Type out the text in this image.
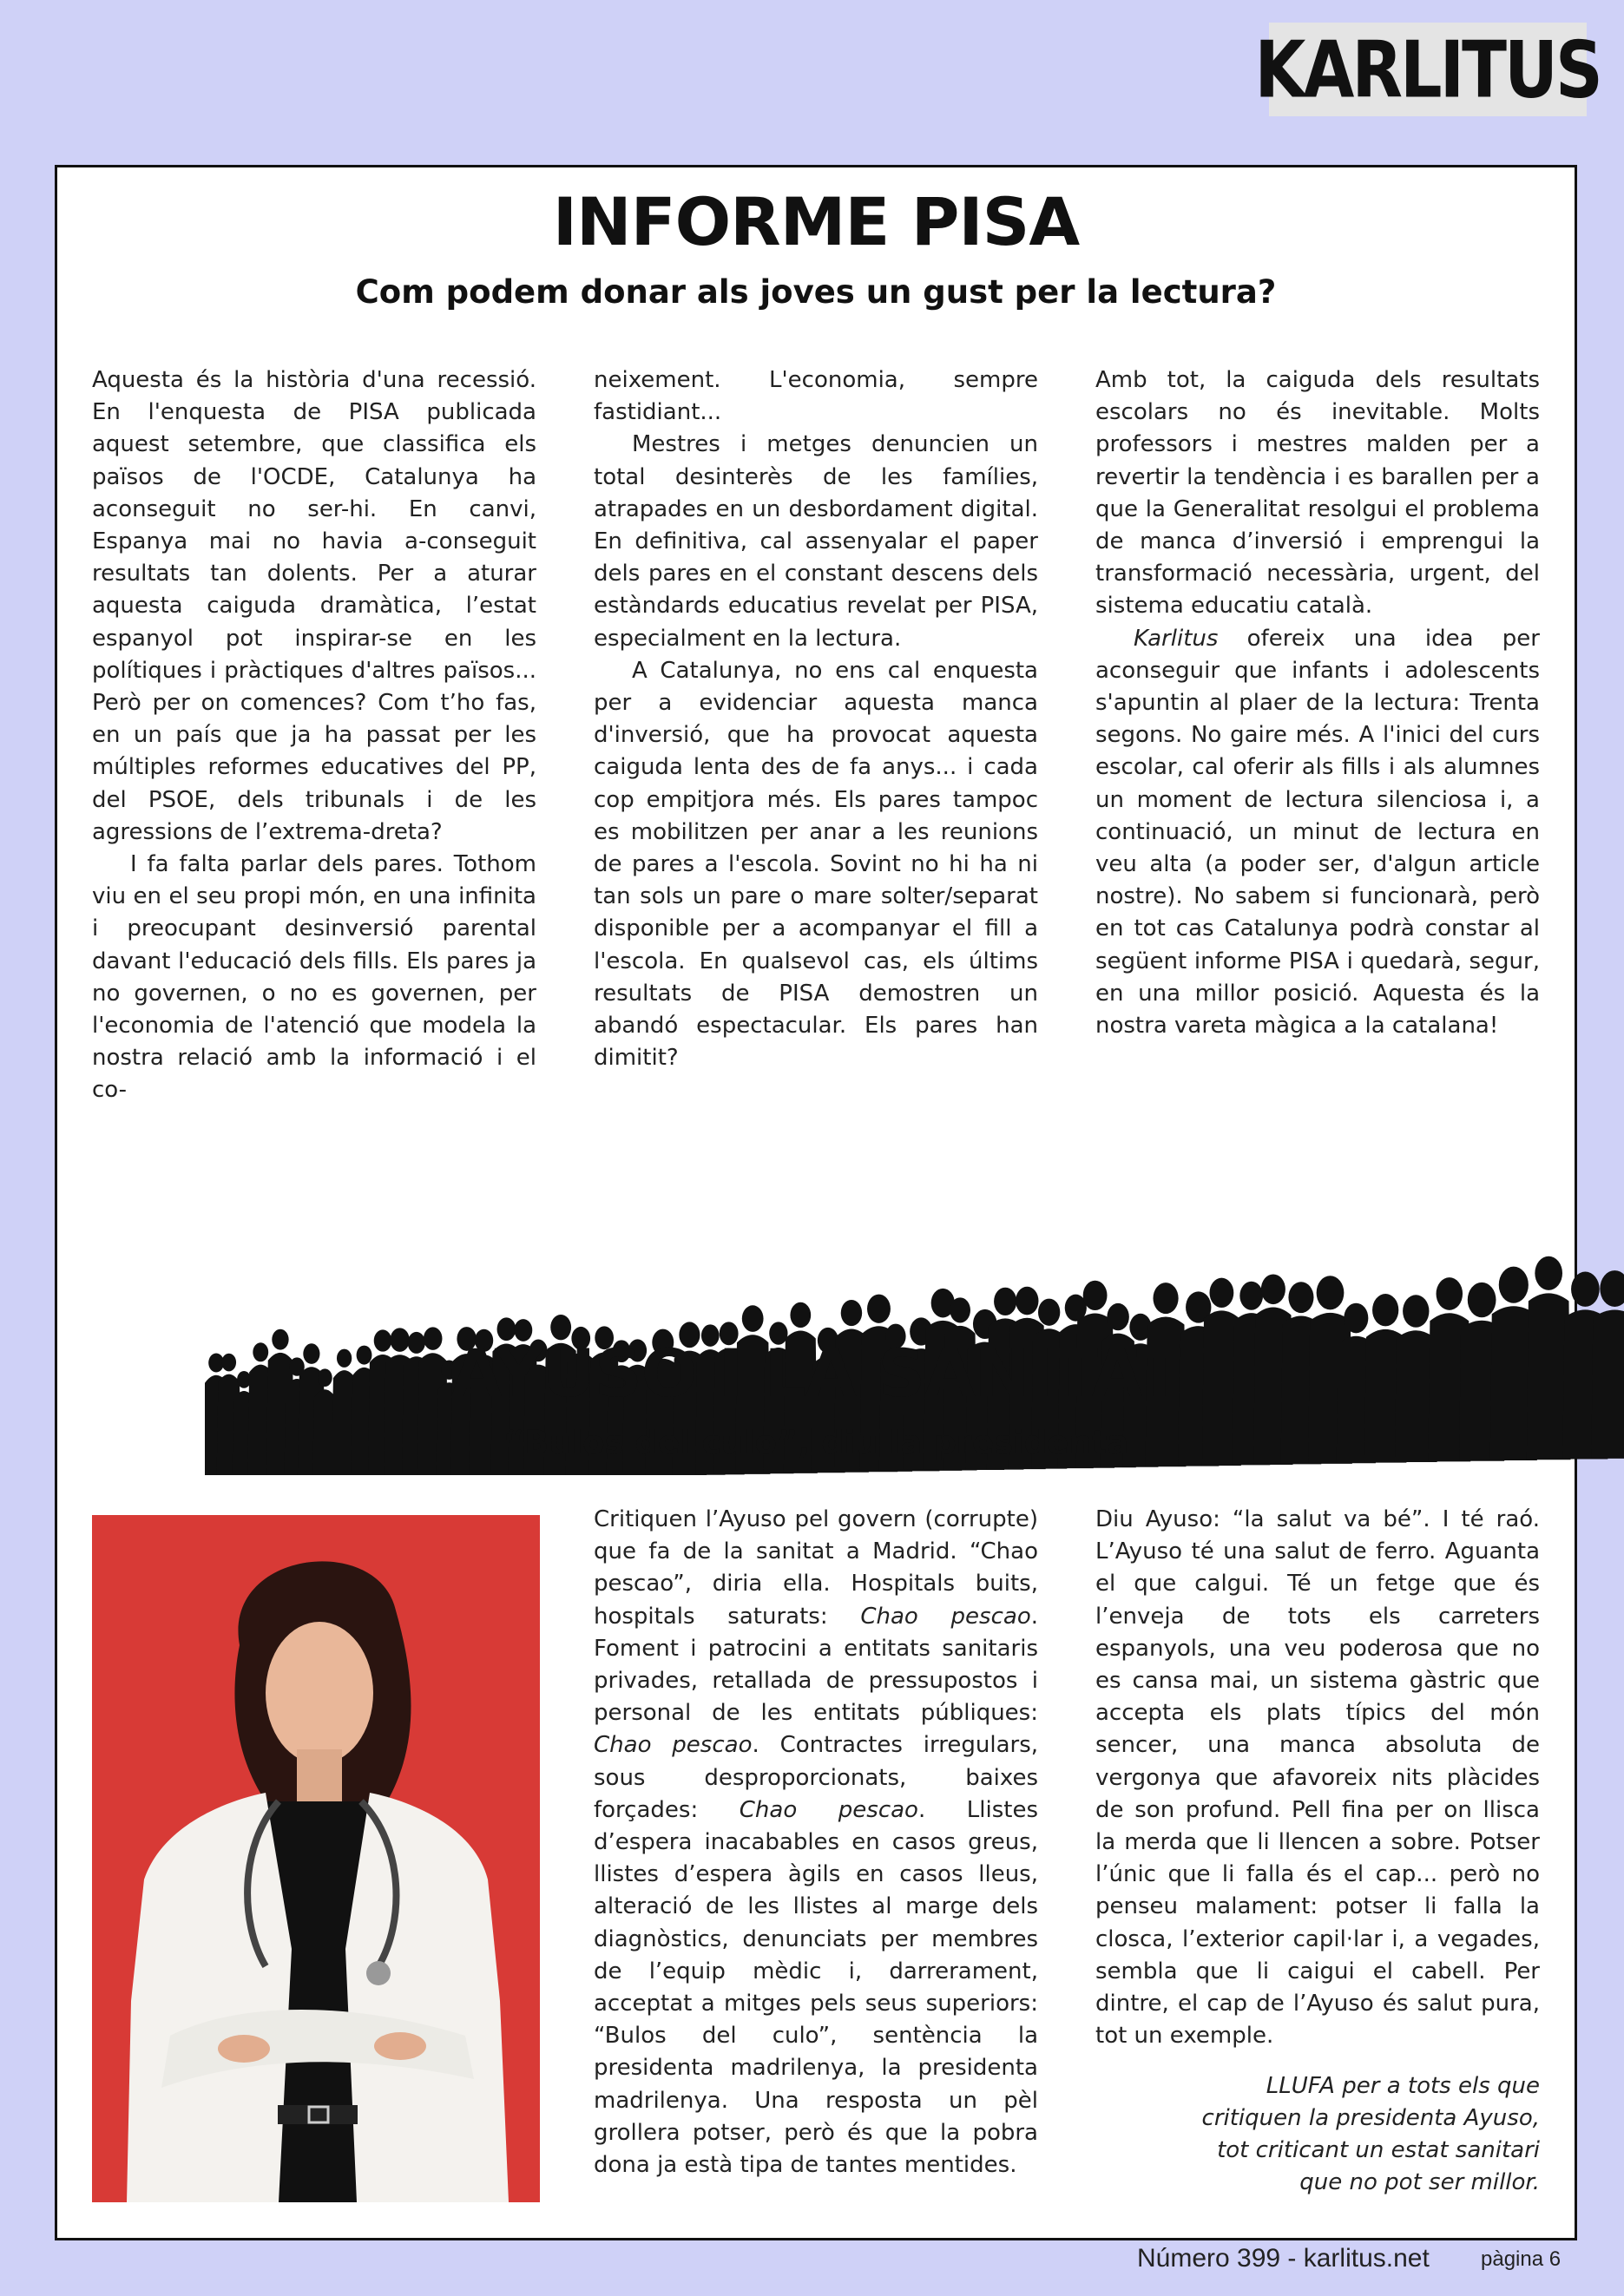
KARLITUS
INFORME PISA
Com podem donar als joves un gust per la lectura?

Aquesta és la història d'una recessió. En l'enquesta de PISA publicada aquest setembre, que classifica els països de l'OCDE, Catalunya ha aconseguit no ser-hi. En canvi, Espanya mai no havia a-conseguit resultats tan dolents. Per a aturar aquesta caiguda dramàtica, l’estat espanyol pot inspirar-se en les polítiques i pràctiques d'altres països... Però per on comences? Com t’ho fas, en un país que ja ha passat per les múltiples reformes educatives del PP, del PSOE, dels tribunals i de les agressions de l’extrema-dreta?

I fa falta parlar dels pares. Tothom viu en el seu propi món, en una infinita i preocupant desinversió parental davant l'educació dels fills. Els pares ja no governen, o no es governen, per l'economia de l'atenció que modela la nostra relació amb la informació i el co-

neixement. L'economia, sempre fastidiant...

Mestres i metges denuncien un total desinterès de les famílies, atrapades en un desbordament digital. En definitiva, cal assenyalar el paper dels pares en el constant descens dels estàndards educatius revelat per PISA, especialment en la lectura.

A Catalunya, no ens cal enquesta per a evidenciar aquesta manca d'inversió, que ha provocat aquesta caiguda lenta des de fa anys... i cada cop empitjora més. Els pares tampoc es mobilitzen per anar a les reunions de pares a l'escola. Sovint no hi ha ni tan sols un pare o mare solter/separat disponible per a acompanyar el fill a l'escola. En qualsevol cas, els últims resultats de PISA demostren un abandó espectacular. Els pares han dimitit?

Amb tot, la caiguda dels resultats escolars no és inevitable. Molts professors i mestres malden per a revertir la tendència i es barallen per a que la Generalitat resolgui el problema de manca d’inversió i emprengui la transformació necessària, urgent, del sistema educatiu català.

Karlitus ofereix una idea per aconseguir que infants i adolescents s'apuntin al plaer de la lectura: Trenta segons. No gaire més. A l'inici del curs escolar, cal oferir als fills i als alumnes un moment de lectura silenciosa i, a continuació, un minut de lectura en veu alta (a poder ser, d'algun article nostre). No sabem si funcionarà, però en tot cas Catalunya podrà constar al següent informe PISA i quedarà, segur, en una millor posició. Aquesta és la nostra vareta màgica a la catalana!

AYUSO I LA SANITAT
“Bulos del culo”, diu la presidenta

Critiquen l’Ayuso pel govern (corrupte) que fa de la sanitat a Madrid. “Chao pescao”, diria ella. Hospitals buits, hospitals saturats: Chao pescao. Foment i patrocini a entitats sanitaris privades, retallada de pressupostos i personal de les entitats públiques: Chao pescao. Contractes irregulars, sous desproporcionats, baixes forçades: Chao pescao. Llistes d’espera inacabables en casos greus, llistes d’espera àgils en casos lleus, alteració de les llistes al marge dels diagnòstics, denunciats per membres de l’equip mèdic i, darrerament, acceptat a mitges pels seus superiors: “Bulos del culo”, sentència la presidenta madrilenya, la presidenta madrilenya. Una resposta un pèl grollera potser, però és que la pobra dona ja està tipa de tantes mentides.

Diu Ayuso: “la salut va bé”. I té raó. L’Ayuso té una salut de ferro. Aguanta el que calgui. Té un fetge que és l’enveja de tots els carreters espanyols, una veu poderosa que no es cansa mai, un sistema gàstric que accepta els plats típics del món sencer, una manca absoluta de vergonya que afavoreix nits plàcides de son profund. Pell fina per on llisca la merda que li llencen a sobre. Potser l’únic que li falla és el cap... però no penseu malament: potser li falla la closca, l’exterior capil·lar i, a vegades, sembla que li caigui el cabell. Per dintre, el cap de l’Ayuso és salut pura, tot un exemple.

LLUFA per a tots els que
critiquen la presidenta Ayuso,
tot criticant un estat sanitari
que no pot ser millor.
Número 399 - karlitus.net pàgina 6
